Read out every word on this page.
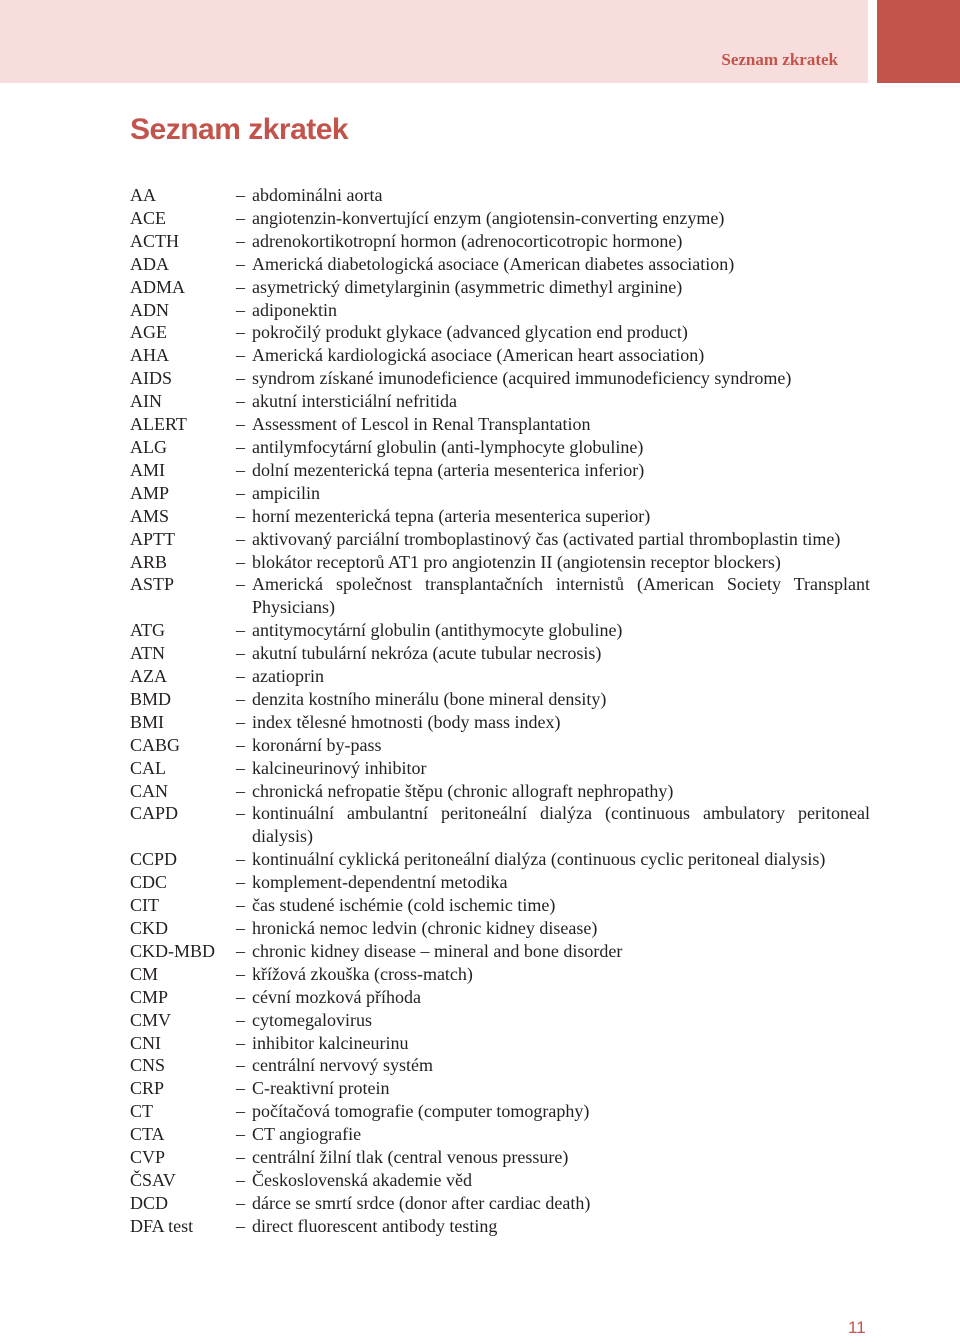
Seznam zkratek
Seznam zkratek
AA	– abdominálni aorta
ACE	– angiotenzin-konvertující enzym (angiotensin-converting enzyme)
ACTH	– adrenokortikotropní hormon (adrenocorticotropic hormone)
ADA	– Americká diabetologická asociace (American diabetes association)
ADMA	– asymetrický dimetylarginin (asymmetric dimethyl arginine)
ADN	– adiponektin
AGE	– pokročilý produkt glykace (advanced glycation end product)
AHA	– Americká kardiologická asociace (American heart association)
AIDS	– syndrom získané imunodeficience (acquired immunodeficiency syndrome)
AIN	– akutní intersticiální nefritida
ALERT	– Assessment of Lescol in Renal Transplantation
ALG	– antilymfocytární globulin (anti-lymphocyte globuline)
AMI	– dolní mezenterická tepna (arteria mesenterica inferior)
AMP	– ampicilin
AMS	– horní mezenterická tepna (arteria mesenterica superior)
APTT	– aktivovaný parciální tromboplastinový čas (activated partial thromboplastin time)
ARB	– blokátor receptorů AT1 pro angiotenzin II (angiotensin receptor blockers)
ASTP	– Americká společnost transplantačních internistů (American Society Transplant Physicians)
ATG	– antitymocytární globulin (antithymocyte globuline)
ATN	– akutní tubulární nekróza (acute tubular necrosis)
AZA	– azatioprin
BMD	– denzita kostního minerálu (bone mineral density)
BMI	– index tělesné hmotnosti (body mass index)
CABG	– koronární by-pass
CAL	– kalcineurinový inhibitor
CAN	– chronická nefropatie štěpu (chronic allograft nephropathy)
CAPD	– kontinuální ambulantní peritoneální dialýza (continuous ambulatory peritoneal dialysis)
CCPD	– kontinuální cyklická peritoneální dialýza (continuous cyclic peritoneal dialysis)
CDC	– komplement-dependentní metodika
CIT	– čas studené ischémie (cold ischemic time)
CKD	– hronická nemoc ledvin (chronic kidney disease)
CKD-MBD	– chronic kidney disease – mineral and bone disorder
CM	– křížová zkouška (cross-match)
CMP	– cévní mozková příhoda
CMV	– cytomegalovirus
CNI	– inhibitor kalcineurinu
CNS	– centrální nervový systém
CRP	– C-reaktivní protein
CT	– počítačová tomografie (computer tomography)
CTA	– CT angiografie
CVP	– centrální žilní tlak (central venous pressure)
ČSAV	– Československá akademie věd
DCD	– dárce se smrtí srdce (donor after cardiac death)
DFA test	– direct fluorescent antibody testing
11
